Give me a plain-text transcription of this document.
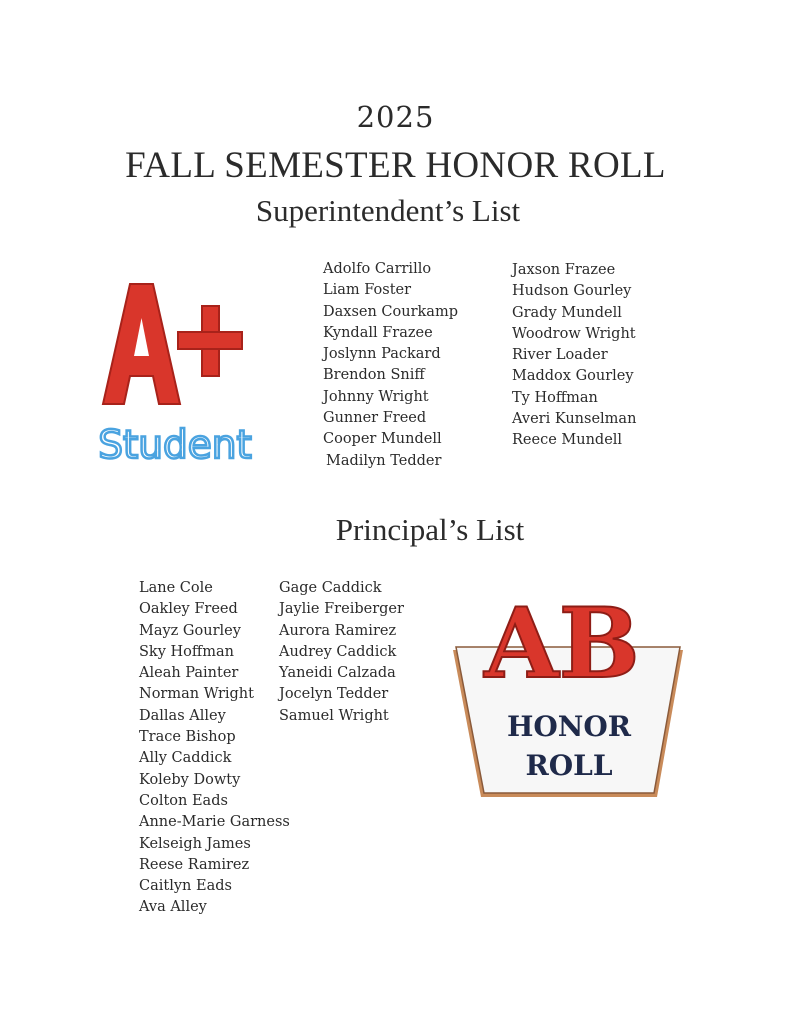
2025
FALL SEMESTER HONOR ROLL
Superintendent’s List
Student
Adolfo Carrillo
Liam Foster
Daxsen Courkamp
Kyndall Frazee
Joslynn Packard
Brendon Sniff
Johnny Wright
Gunner Freed
Cooper Mundell
Madilyn Tedder
Jaxson Frazee
Hudson Gourley
Grady Mundell
Woodrow Wright
River Loader
Maddox Gourley
Ty Hoffman
Averi Kunselman
Reece Mundell
Principal’s List
Lane Cole
Oakley Freed
Mayz Gourley
Sky Hoffman
Aleah Painter
Norman Wright
Dallas Alley
Trace Bishop
Ally Caddick
Koleby Dowty
Colton Eads
Anne-Marie Garness
Kelseigh James
Reese Ramirez
Caitlyn Eads
Ava Alley
Gage Caddick
Jaylie Freiberger
Aurora Ramirez
Audrey Caddick
Yaneidi Calzada
Jocelyn Tedder
Samuel Wright
AB
HONOR
ROLL
